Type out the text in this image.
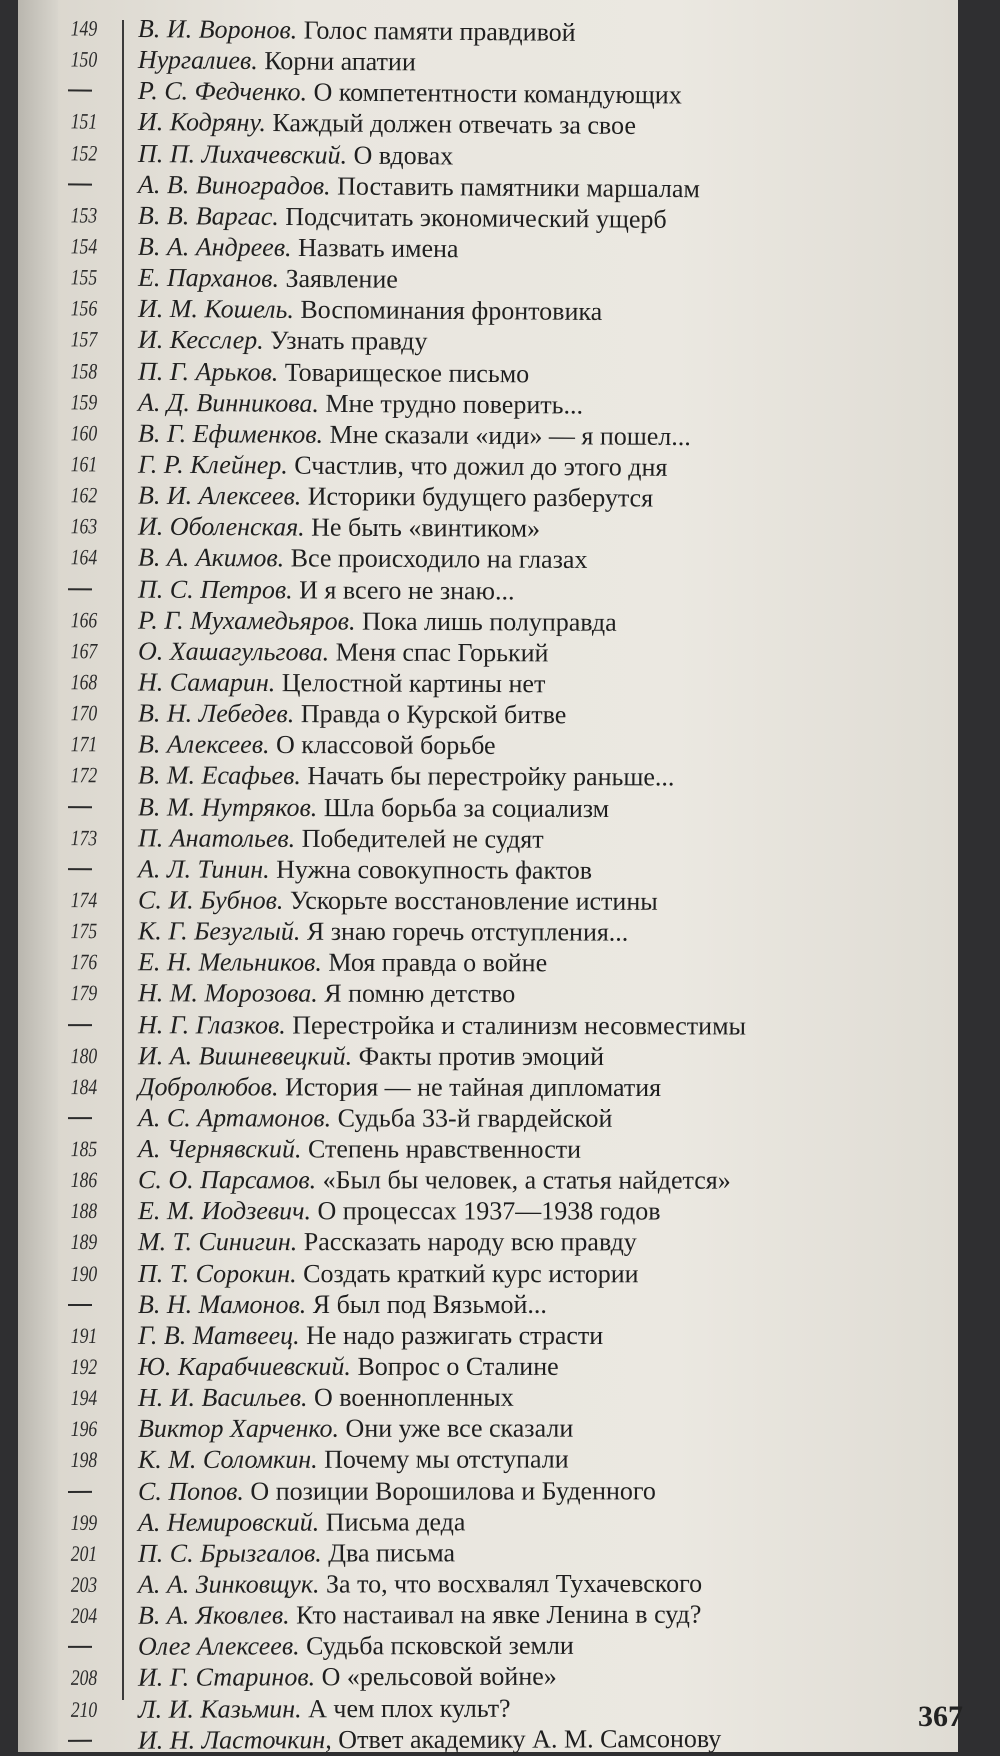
149 В. И. Воронов. Голос памяти правдивой
150 Нургалиев. Корни апатии
Р. С. Федченко. О компетентности командующих
151 И. Кодряну. Каждый должен отвечать за свое
152 П. П. Лихачевский. О вдовах
А. В. Виноградов. Поставить памятники маршалам
153 В. В. Варгас. Подсчитать экономический ущерб
154 В. А. Андреев. Назвать имена
155 Е. Парханов. Заявление
156 И. М. Кошель. Воспоминания фронтовика
157 И. Кесслер. Узнать правду
158 П. Г. Арьков. Товарищеское письмо
159 А. Д. Винникова. Мне трудно поверить...
160 В. Г. Ефименков. Мне сказали «иди» — я пошел...
161 Г. Р. Клейнер. Счастлив, что дожил до этого дня
162 В. И. Алексеев. Историки будущего разберутся
163 И. Оболенская. Не быть «винтиком»
164 В. А. Акимов. Все происходило на глазах
П. С. Петров. И я всего не знаю...
166 Р. Г. Мухамедьяров. Пока лишь полуправда
167 О. Хашагульгова. Меня спас Горький
168 Н. Самарин. Целостной картины нет
170 В. Н. Лебедев. Правда о Курской битве
171 В. Алексеев. О классовой борьбе
172 В. М. Есафьев. Начать бы перестройку раньше...
В. М. Нутряков. Шла борьба за социализм
173 П. Анатольев. Победителей не судят
А. Л. Тинин. Нужна совокупность фактов
174 С. И. Бубнов. Ускорьте восстановление истины
175 К. Г. Безуглый. Я знаю горечь отступления...
176 Е. Н. Мельников. Моя правда о войне
179 Н. М. Морозова. Я помню детство
Н. Г. Глазков. Перестройка и сталинизм несовместимы
180 И. А. Вишневецкий. Факты против эмоций
184 Добролюбов. История — не тайная дипломатия
А. С. Артамонов. Судьба 33-й гвардейской
185 А. Чернявский. Степень нравственности
186 С. О. Парсамов. «Был бы человек, а статья найдется»
188 Е. М. Иодзевич. О процессах 1937—1938 годов
189 М. Т. Синигин. Рассказать народу всю правду
190 П. Т. Сорокин. Создать краткий курс истории
В. Н. Мамонов. Я был под Вязьмой...
191 Г. В. Матвеец. Не надо разжигать страсти
192 Ю. Карабчиевский. Вопрос о Сталине
194 Н. И. Васильев. О военнопленных
196 Виктор Харченко. Они уже все сказали
198 К. М. Соломкин. Почему мы отступали
С. Попов. О позиции Ворошилова и Буденного
199 А. Немировский. Письма деда
201 П. С. Брызгалов. Два письма
203 А. А. Зинковщук. За то, что восхвалял Тухачевского
204 В. А. Яковлев. Кто настаивал на явке Ленина в суд?
Олег Алексеев. Судьба псковской земли
208 И. Г. Старинов. О «рельсовой войне»
210 Л. И. Казьмин. А чем плох культ?
И. Н. Ласточкин, Ответ академику А. М. Самсонову
367
